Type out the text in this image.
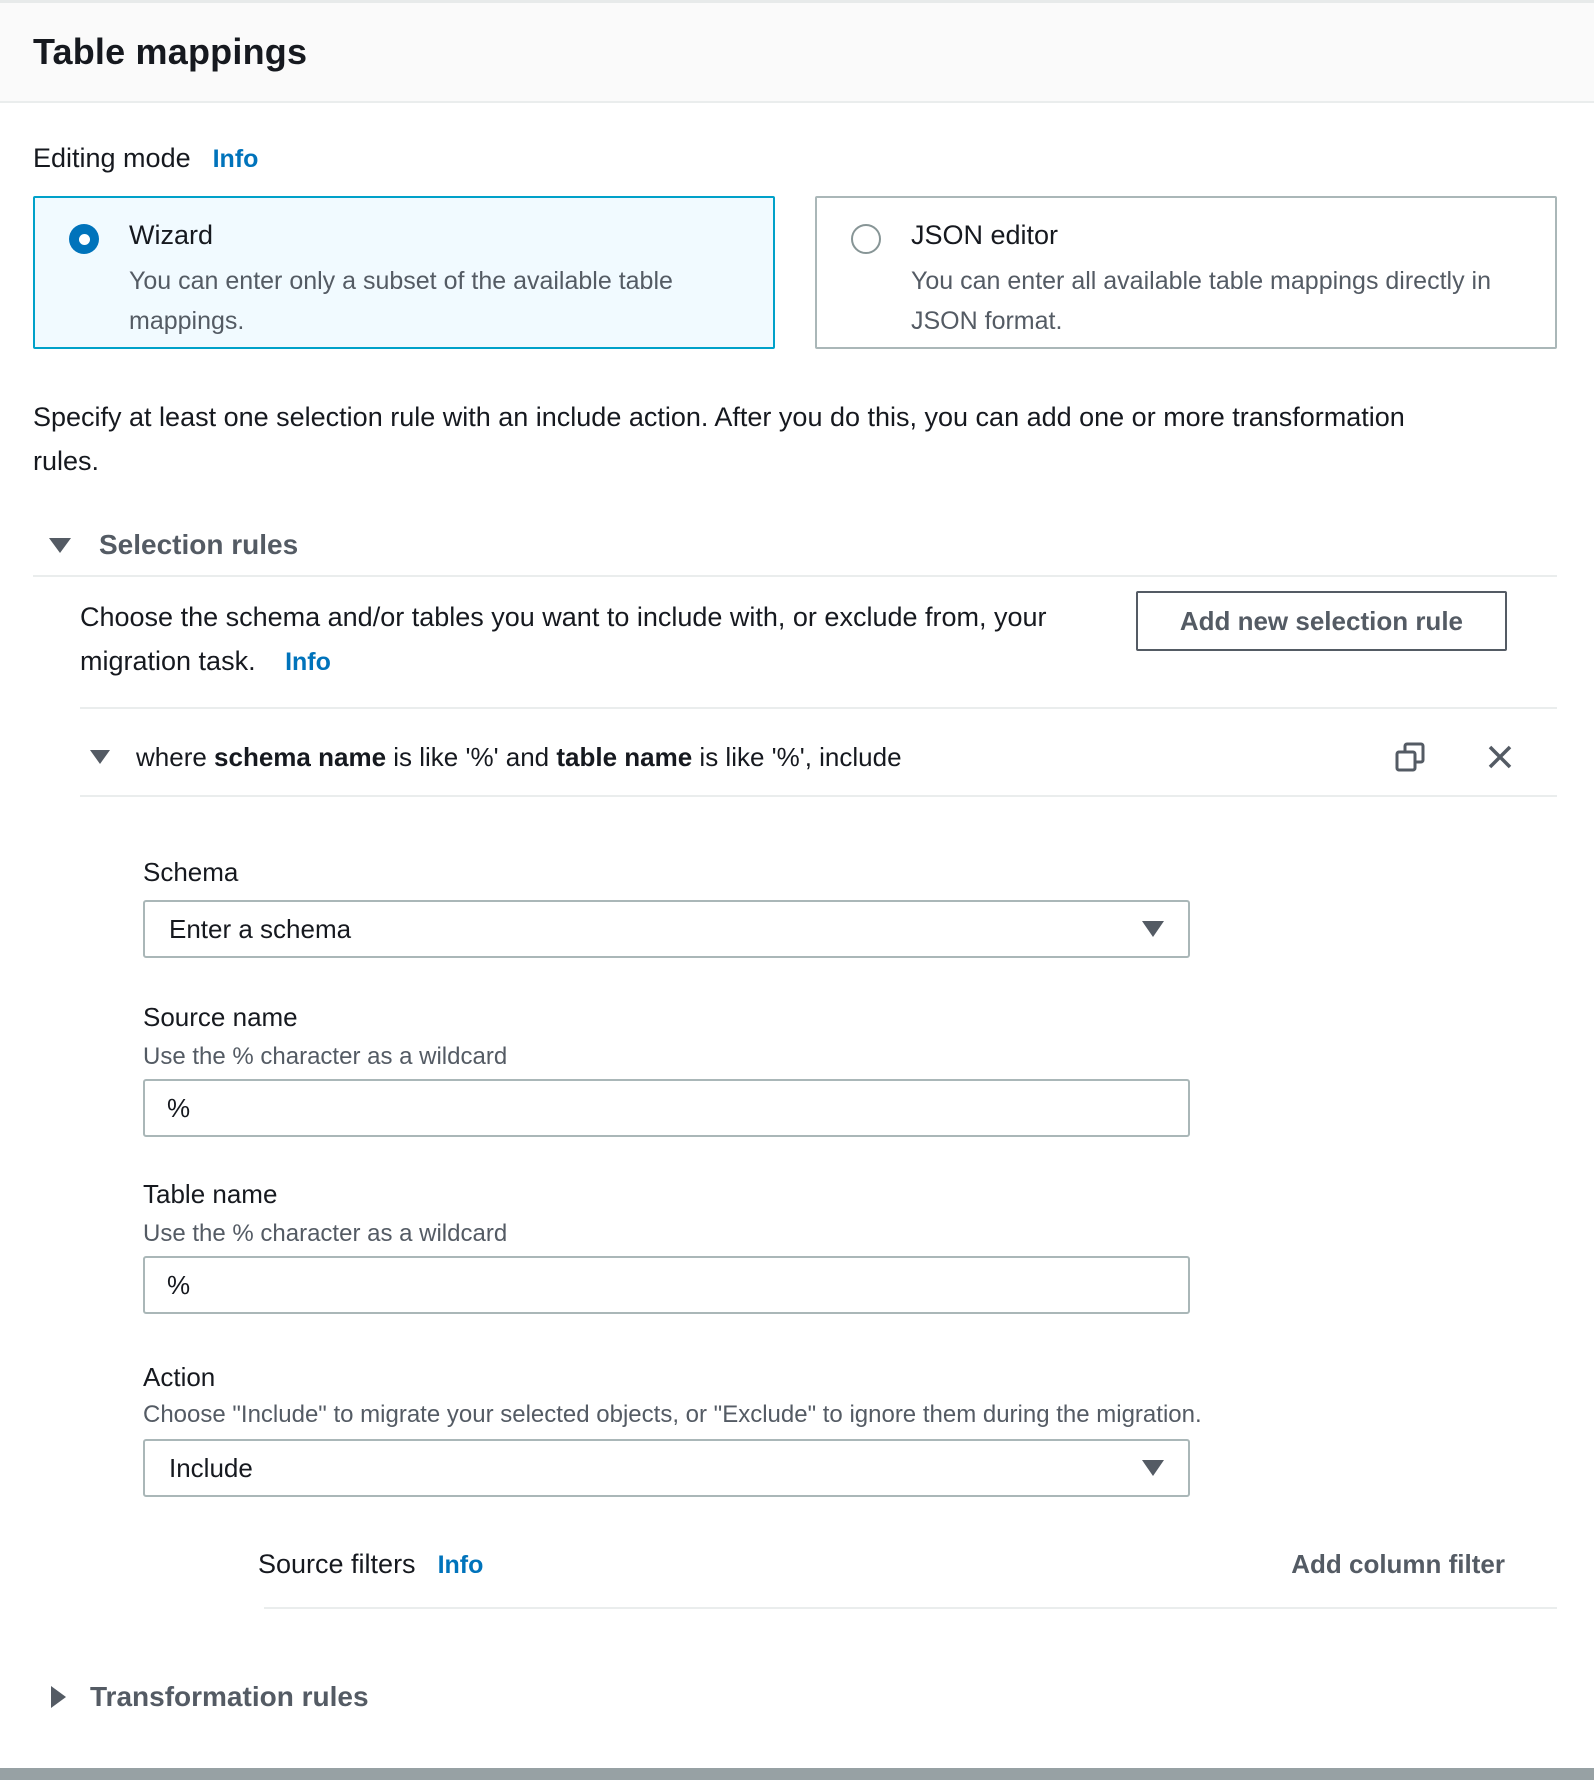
Table mappings
Editing mode Info
Wizard
You can enter only a subset of the available table mappings.
JSON editor
You can enter all available table mappings directly in JSON format.

Specify at least one selection rule with an include action. After you do this, you can add one or more transformation rules.

Selection rules

Choose the schema and/or tables you want to include with, or exclude from, your migration task. Info

Add new selection rule
where schema name is like '%' and table name is like '%', include
Schema
Enter a schema
Source name
Use the % character as a wildcard
%
Table name
Use the % character as a wildcard
%
Action
Choose "Include" to migrate your selected objects, or "Exclude" to ignore them during the migration.
Include
Source filters Info	Add column filter
Transformation rules
